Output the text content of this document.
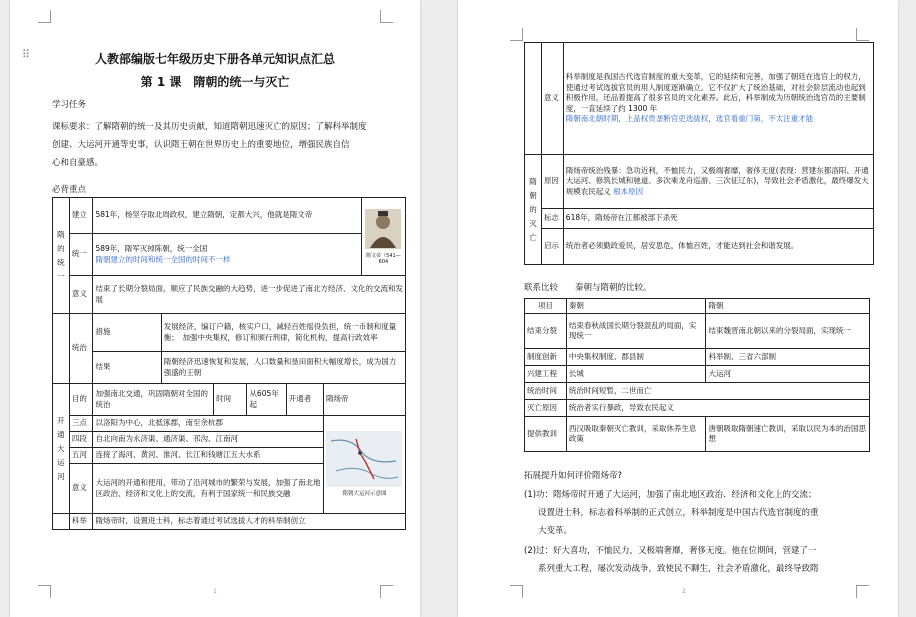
⠿	人教部编版七年级历史下册各单元知识点汇总
第 1 课　隋朝的统一与灭亡
学习任务
课标要求：了解隋朝的统一及其历史贡献，知道隋朝迅速灭亡的原因；了解科举制度
创建、大运河开通等史事，认识隋王朝在世界历史上的重要地位，增强民族自信
心和自豪感。
必背重点
隋的统一	建立	581年，杨坚夺取北周政权，建立隋朝，定都大兴，他就是隋文帝						隋文帝（541—604

	统一	589年，隋军灭掉陈朝，统一全国
隋朝建立的时间和统一全国的时间不一样						

	意义	结束了长期分裂局面，顺应了民族交融的大趋势，进一步促进了南北方经济、文化的交流和发展						
	统治	措施	发展经济，编订户籍，核实户口，减轻百姓徭役负担，统一币制和度量衡；　加强中央集权，修订和颁行刑律，简化机构，提高行政效率					
		结果	隋朝经济迅速恢复和发展，人口数量和垦田面积大幅度增长，成为国力强盛的王朝					
开通大运河	目的	加强南北交通，巩固隋朝对全国的统治		时间	从605年起	开通者	隋炀帝	
	三点	以洛阳为中心，北抵涿郡，南至余杭郡					隋朝大运河示意图	

	四段	自北向南为永济渠、通济渠、邗沟、江南河						
	五河	连接了海河、黄河、淮河、长江和钱塘江五大水系						
	意义	大运河的开通和使用，带动了沿河城市的繁荣与发展，加强了南北地区政治、经济和文化上的交流，有利于国家统一和民族交融						
	科举	隋炀帝时，设置进士科，标志着通过考试选拔人才的科举制创立						
1
	意义	科举制度是我国古代选官制度的重大变革，它的延续和完善，加强了朝廷在选官上的权力，使通过考试选拔官员的用人制度逐渐确立。它不仅扩大了统治基础，对社会阶层流动也起到积极作用，还品着提高了很多官员的文化素养。此后，科举制成为历朝统治选官员的主要制度，一直延续了约 1300 年
隋朝南北朝时期，上品权贵垄断官吏选拔权，选官看重门第，不太注重才能

隋朝的灭亡	原因	隋炀帝统治残暴：急功近利，不恤民力，又极端奢靡，奢侈无度(表现：营建东都洛阳、开通大运河、修筑长城和驰道、多次乘龙舟巡游、三次征辽东)，导致社会矛盾激化，最终爆发大规模农民起义 根本原因
	标志	618年，隋炀帝在江都被部下杀死
	启示	统治者必须勤政爱民，居安思危，体恤百姓，才能达到社会和谐发展。
联系比较　　秦朝与隋朝的比较。
项目	秦朝	隋朝
结束分裂	结束春秋战国长期分裂混乱的局面，实现统一	结束魏晋南北朝以来的分裂局面，实现统一
制度创新	中央集权制度、郡县制	科举制、三省六部制
兴建工程	长城	大运河
统治时间	统治时间短暂，二世而亡	
灭亡原因	统治者实行暴政，导致农民起义	
提供教训	西汉吸取秦朝灭亡教训，采取休养生息政策	唐朝吸取隋朝速亡教训，采取以民为本的治国思想
拓展提升如何评价隋炀帝?
(1)功：隋炀帝时开通了大运河，加强了南北地区政治、经济和文化上的交流；
设置进士科，标志着科举制的正式创立，科举制度是中国古代选官制度的重
大变革。
(2)过：好大喜功，不恤民力，又极端奢靡，奢侈无度。他在位期间，营建了一
系列重大工程，屡次发动战争，致使民不聊生，社会矛盾激化，最终导致隋
2
